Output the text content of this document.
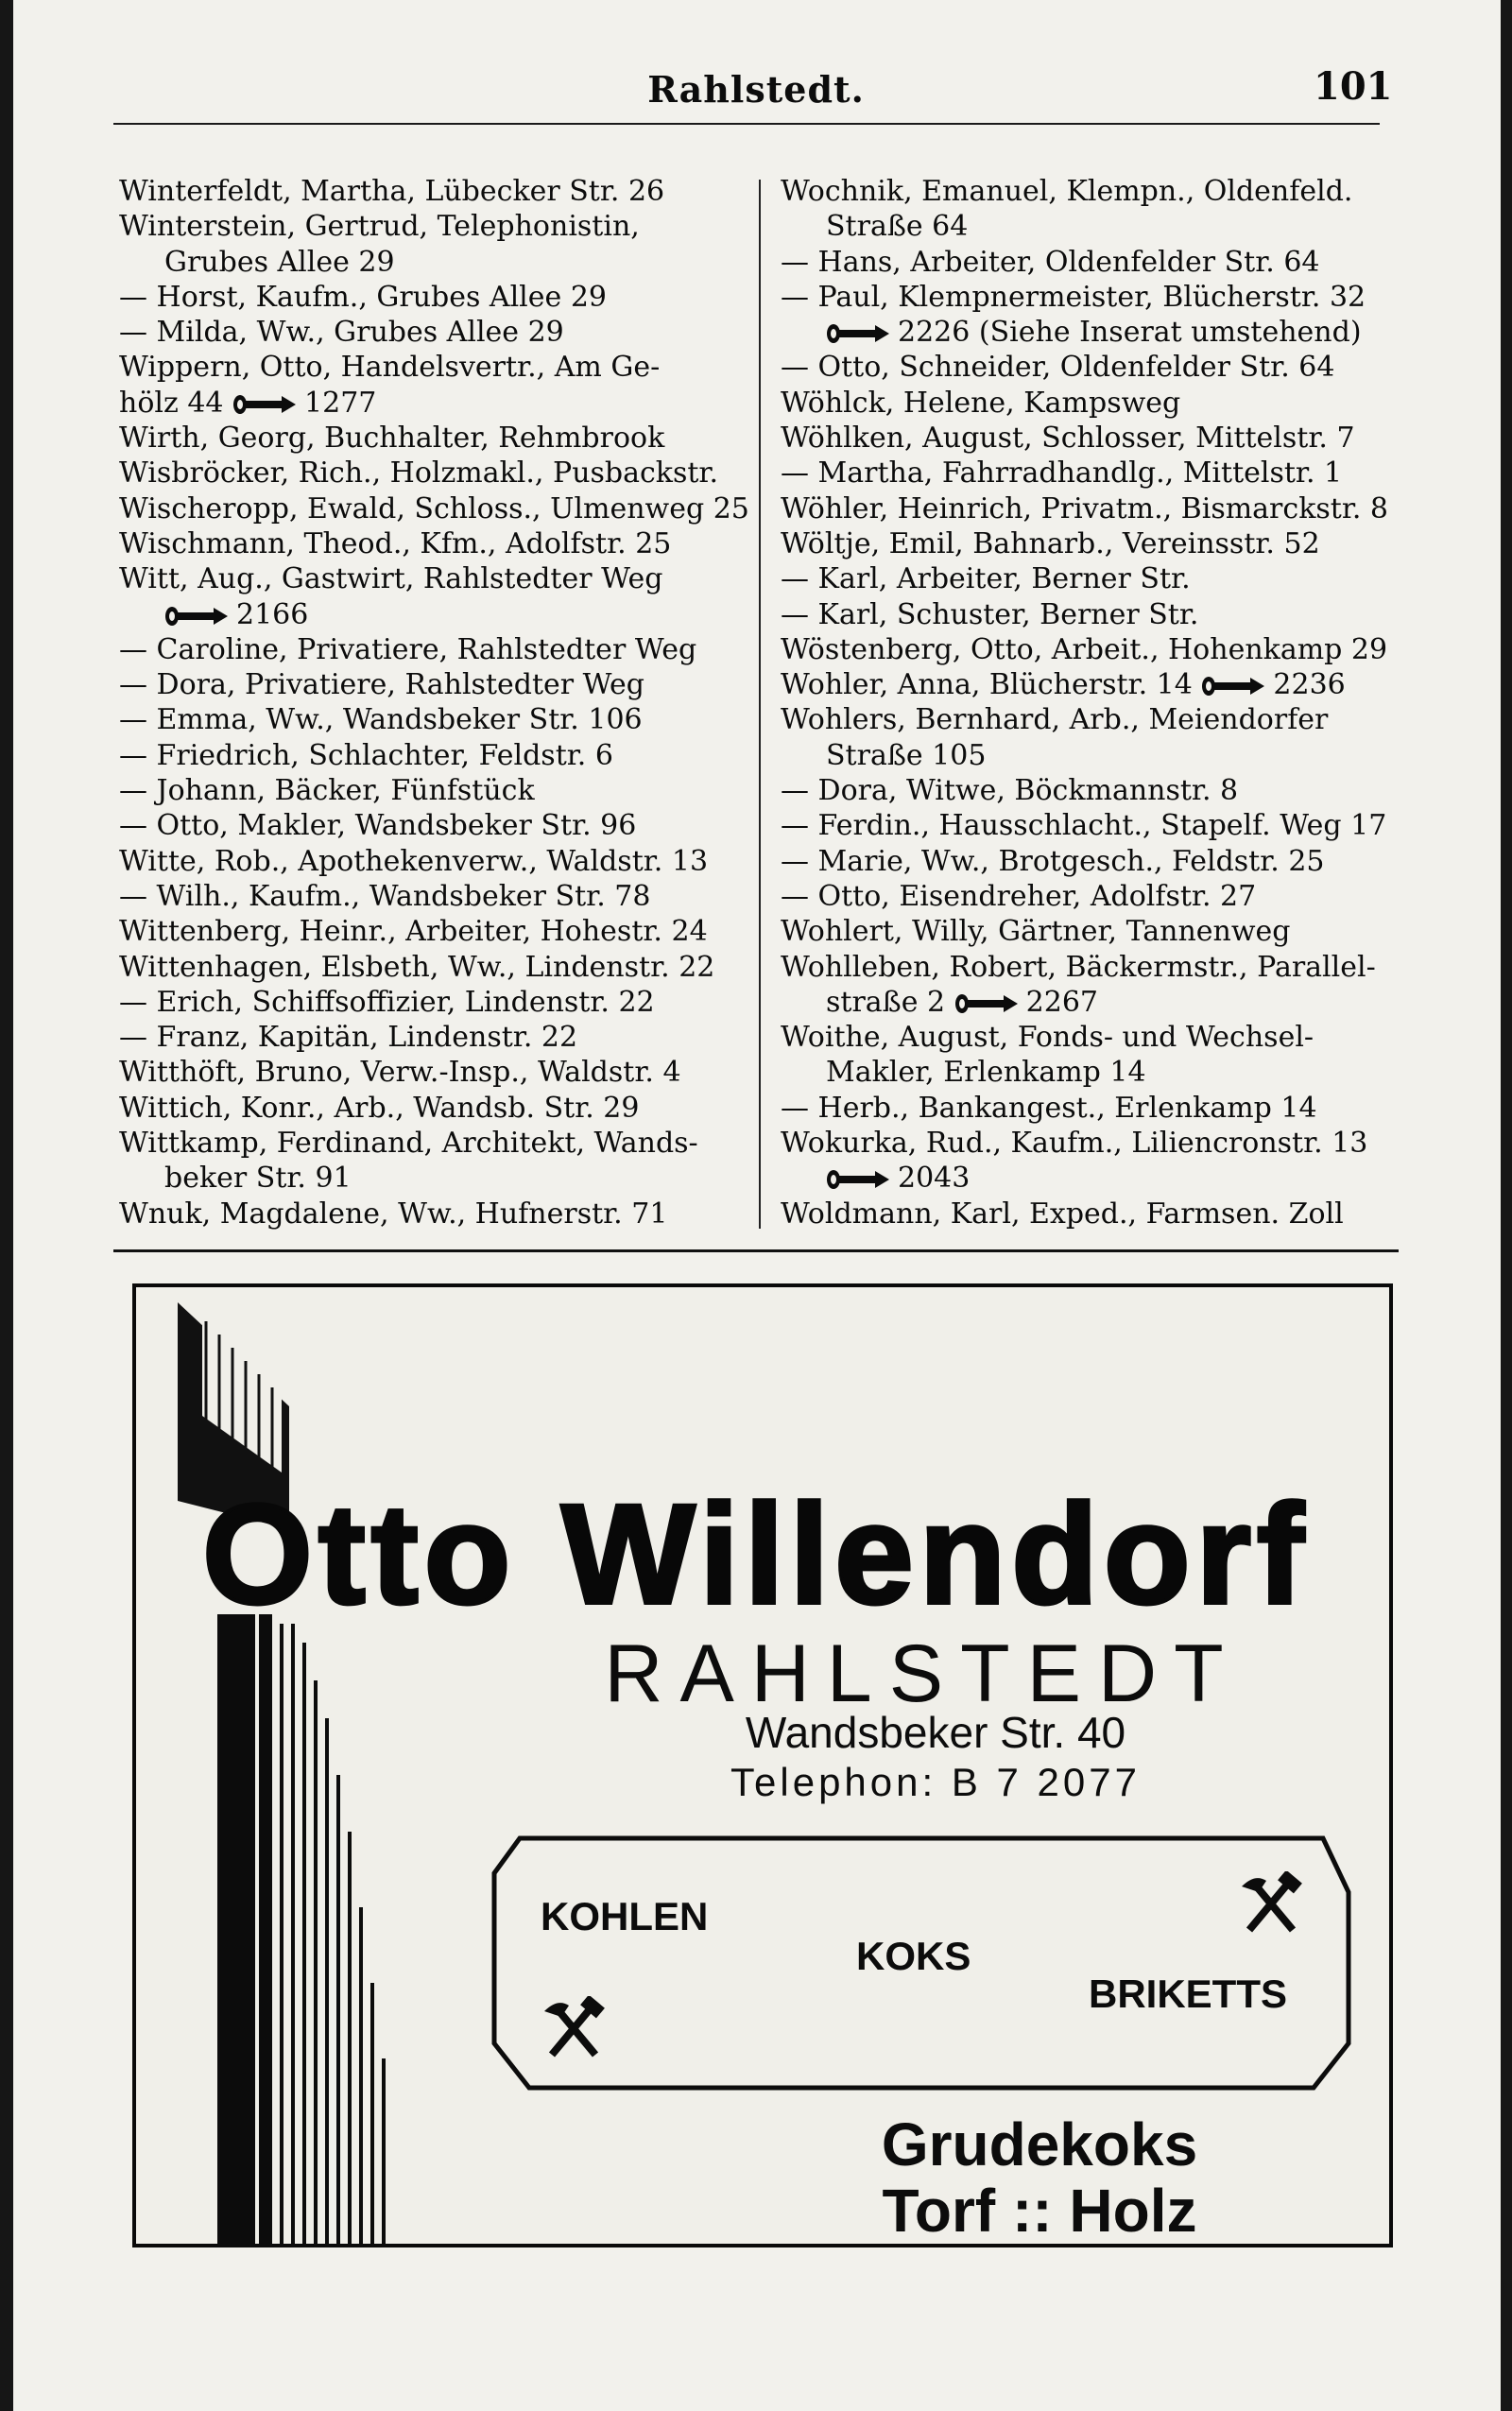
Rahlstedt.	101
Winterfeldt, Martha, Lübecker Str. 26
Winterstein, Gertrud, Telephonistin,
Grubes Allee 29
— Horst, Kaufm., Grubes Allee 29
— Milda, Ww., Grubes Allee 29
Wippern, Otto, Handelsvertr., Am Ge-
hölz 44	1277
Wirth, Georg, Buchhalter, Rehmbrook
Wisbröcker, Rich., Holzmakl., Pusbackstr.
Wischeropp, Ewald, Schloss., Ulmenweg 25
Wischmann, Theod., Kfm., Adolfstr. 25
Witt, Aug., Gastwirt, Rahlstedter Weg
2166
— Caroline, Privatiere, Rahlstedter Weg
— Dora, Privatiere, Rahlstedter Weg
— Emma, Ww., Wandsbeker Str. 106
— Friedrich, Schlachter, Feldstr. 6
— Johann, Bäcker, Fünfstück
— Otto, Makler, Wandsbeker Str. 96
Witte, Rob., Apothekenverw., Waldstr. 13
— Wilh., Kaufm., Wandsbeker Str. 78
Wittenberg, Heinr., Arbeiter, Hohestr. 24
Wittenhagen, Elsbeth, Ww., Lindenstr. 22
— Erich, Schiffsoffizier, Lindenstr. 22
— Franz, Kapitän, Lindenstr. 22
Witthöft, Bruno, Verw.-Insp., Waldstr. 4
Wittich, Konr., Arb., Wandsb. Str. 29
Wittkamp, Ferdinand, Architekt, Wands-
beker Str. 91
Wnuk, Magdalene, Ww., Hufnerstr. 71
Wochnik, Emanuel, Klempn., Oldenfeld.
Straße 64
— Hans, Arbeiter, Oldenfelder Str. 64
— Paul, Klempnermeister, Blücherstr. 32
2226 (Siehe Inserat umstehend)
— Otto, Schneider, Oldenfelder Str. 64
Wöhlck, Helene, Kampsweg
Wöhlken, August, Schlosser, Mittelstr. 7
— Martha, Fahrradhandlg., Mittelstr. 1
Wöhler, Heinrich, Privatm., Bismarckstr. 8
Wöltje, Emil, Bahnarb., Vereinsstr. 52
— Karl, Arbeiter, Berner Str.
— Karl, Schuster, Berner Str.
Wöstenberg, Otto, Arbeit., Hohenkamp 29
Wohler, Anna, Blücherstr. 14	2236
Wohlers, Bernhard, Arb., Meiendorfer
Straße 105
— Dora, Witwe, Böckmannstr. 8
— Ferdin., Hausschlacht., Stapelf. Weg 17
— Marie, Ww., Brotgesch., Feldstr. 25
— Otto, Eisendreher, Adolfstr. 27
Wohlert, Willy, Gärtner, Tannenweg
Wohlleben, Robert, Bäckermstr., Parallel-
straße 2	2267
Woithe, August, Fonds- und Wechsel-
Makler, Erlenkamp 14
— Herb., Bankangest., Erlenkamp 14
Wokurka, Rud., Kaufm., Liliencronstr. 13
2043
Woldmann, Karl, Exped., Farmsen. Zoll
Otto Willendorf
RAHLSTEDT
Wandsbeker Str. 40
Telephon: B 7 2077
KOHLEN
KOKS
BRIKETTS
Grudekoks
Torf :: Holz
